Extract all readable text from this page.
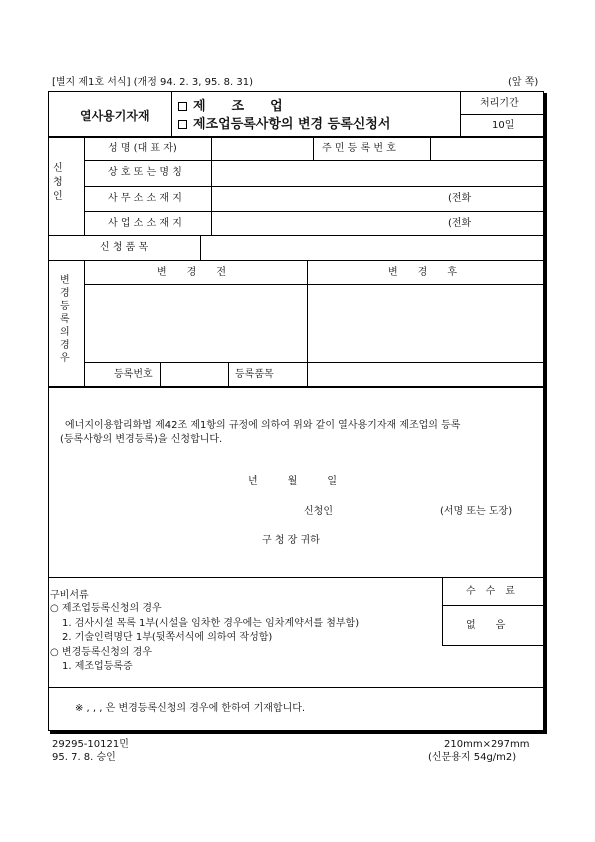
[별지 제1호 서식] (개정 94. 2. 3, 95. 8. 31)	(앞 쪽)
열사용기자재
제　　조　　업
제조업등록사항의 변경 등록신청서
처리기간
10일
신청인
성 명 (대 표 자)	주 민 등 록 번 호
상 호 또 는 명 칭
사 무 소 소 재 지	(전화
사 업 소 소 재 지	(전화
신 청 품 목
변경등록의경우
변　　경　　전	변　　경　　후
등록번호	등록품목
에너지이용합리화법 제42조 제1항의 규정에 의하여 위와 같이 열사용기자재 제조업의 등록
(등록사항의 변경등록)을 신청합니다.
년　　　월　　　일
신청인	(서명 또는 도장)
구 청 장 귀하
구비서류
○ 제조업등록신청의 경우
1. 검사시설 목록 1부(시설을 임차한 경우에는 임차계약서를 첨부함)
2. 기술인력명단 1부(뒷쪽서식에 의하여 작성함)
○ 변경등록신청의 경우
1. 제조업등록증
수　수　료
없　　음
※ , , , 은 변경등록신청의 경우에 한하여 기재합니다.
29295-10121민
95. 7. 8. 승인
210mm×297mm
(신문용지 54g/m2)
